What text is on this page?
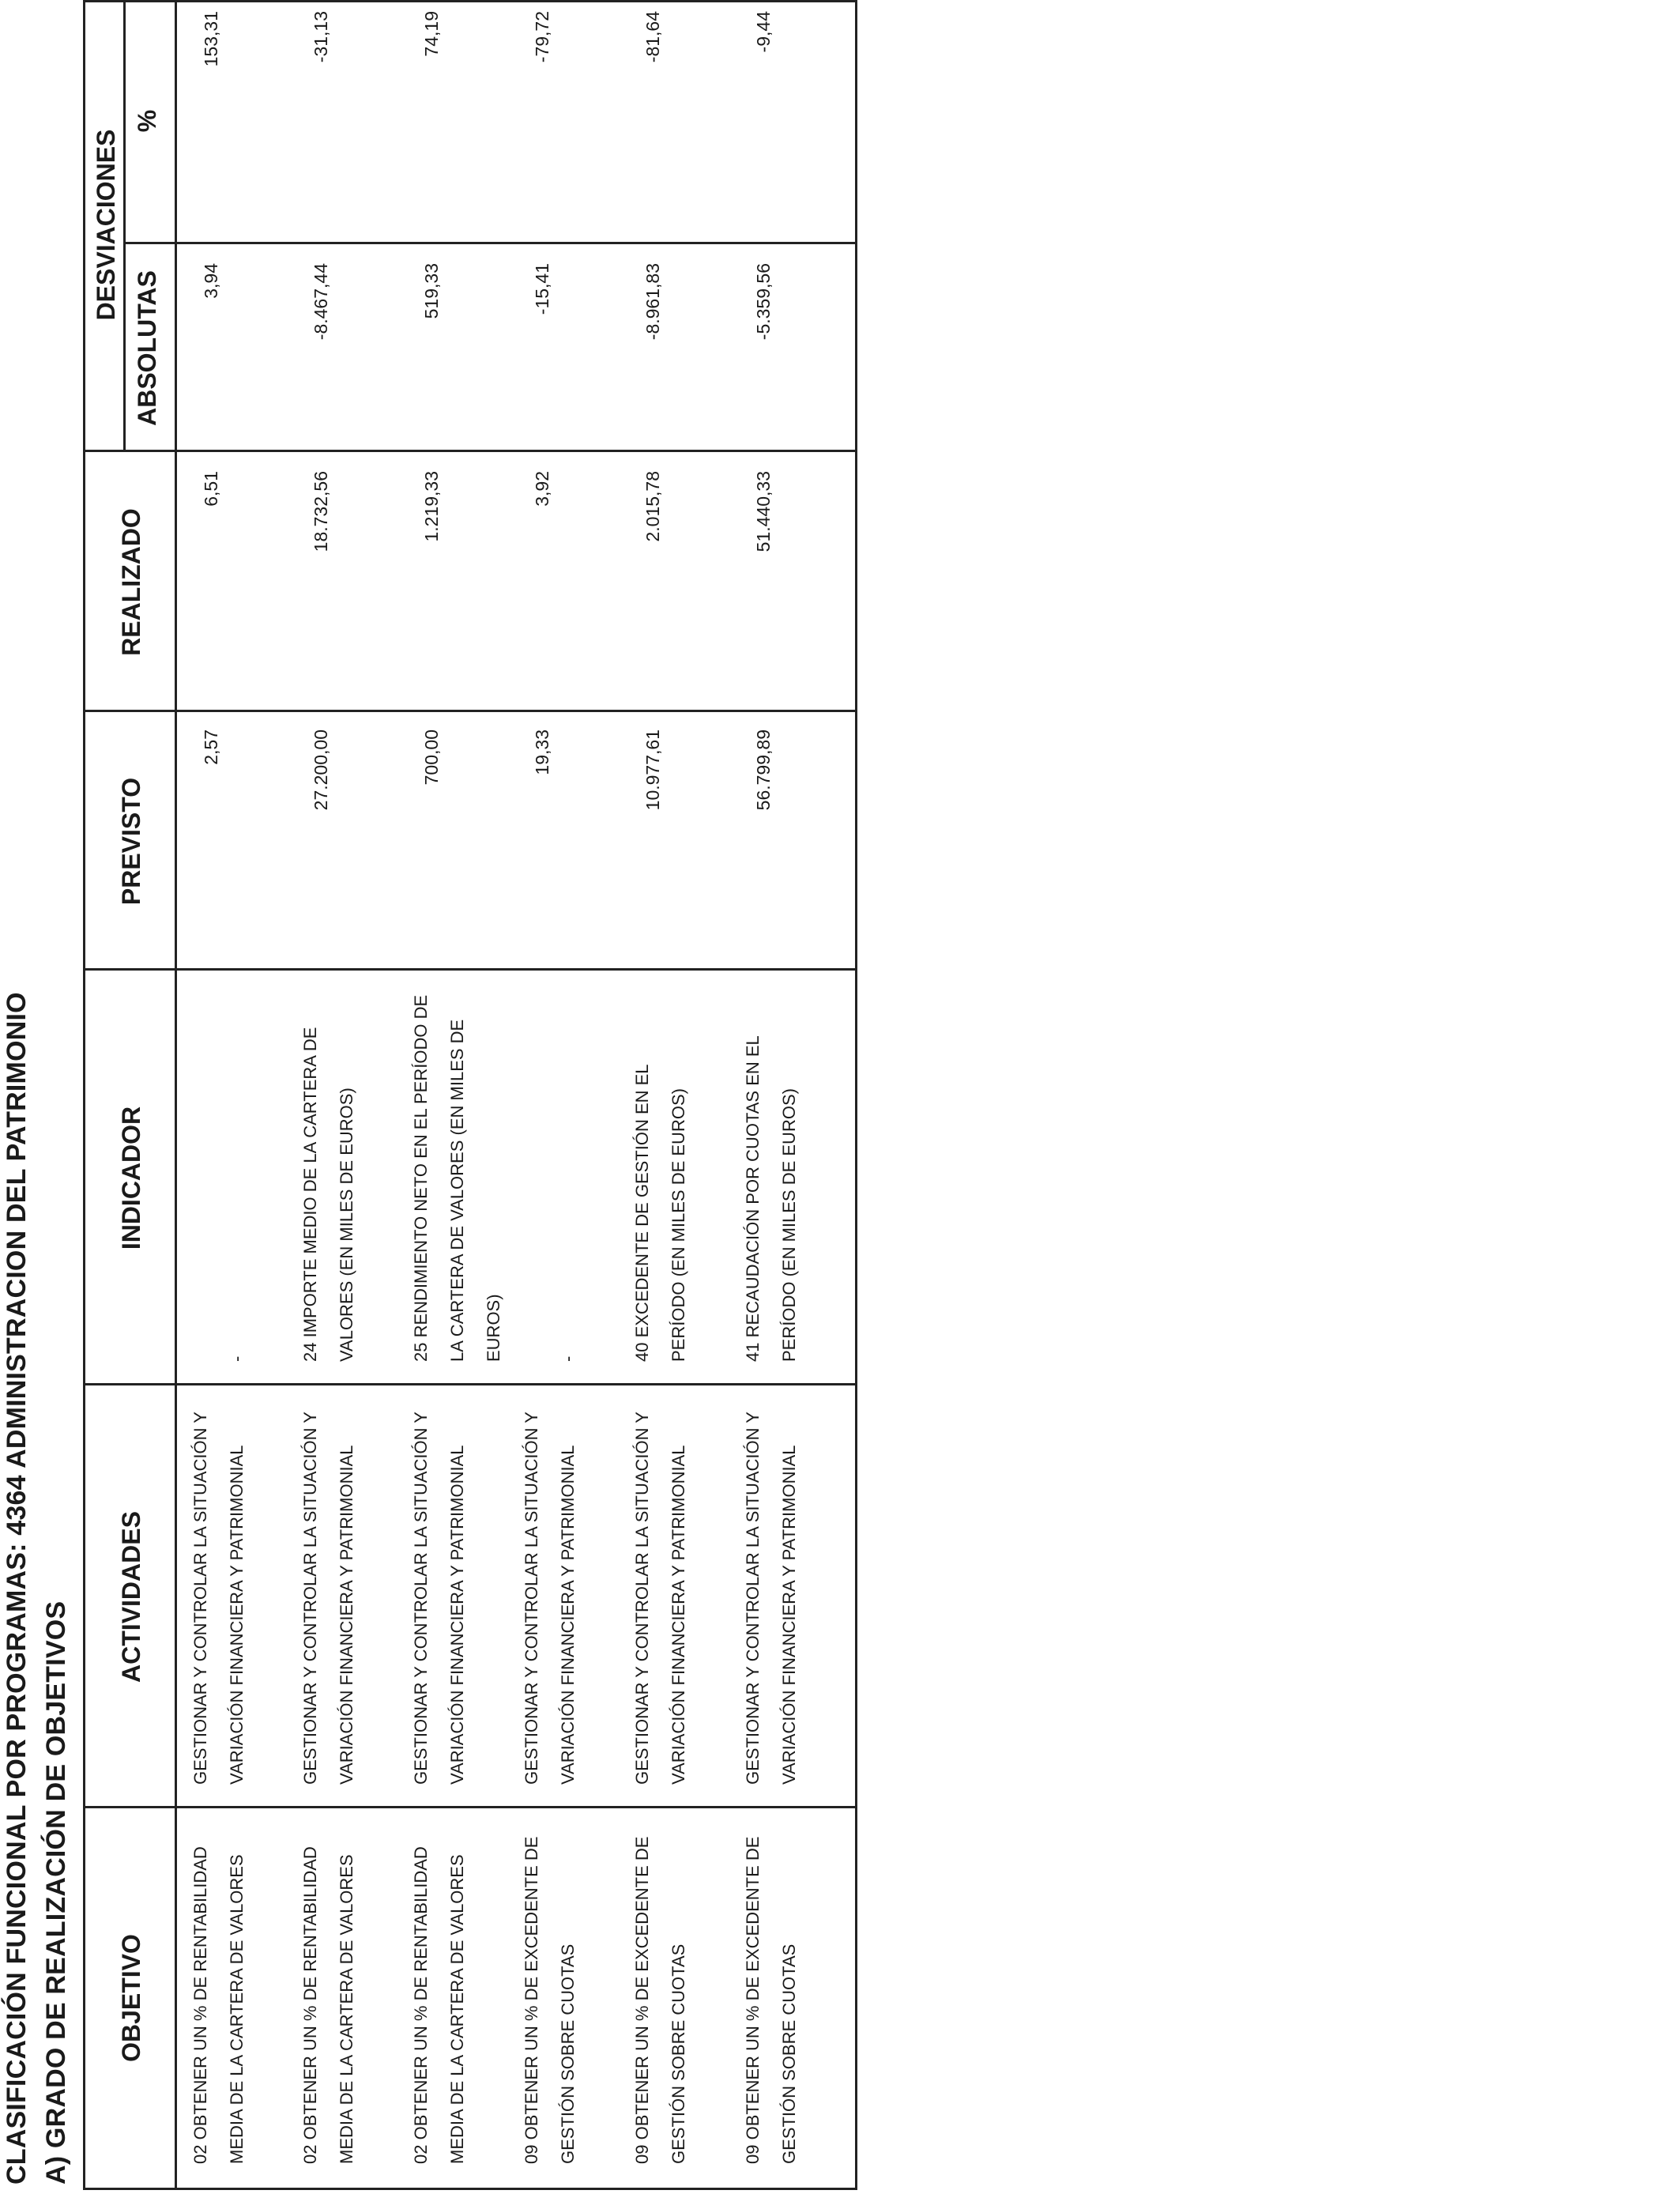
CLASIFICACIÓN FUNCIONAL POR PROGRAMAS: 4364 ADMINISTRACION DEL PATRIMONIO A) GRADO DE REALIZACIÓN DE OBJETIVOS OBJETIVO
ACTIVIDADES
INDICADOR
PREVISTO
REALIZADO
DESVIACIONES
ABSOLUTAS
%
02 OBTENER UN % DE RENTABILIDAD MEDIA DE LA CARTERA DE VALORES
GESTIONAR Y CONTROLAR LA SITUACIÓN Y VARIACIÓN FINANCIERA Y PATRIMONIAL
-
2,57
6,51
3,94
153,31
02 OBTENER UN % DE RENTABILIDAD MEDIA DE LA CARTERA DE VALORES
GESTIONAR Y CONTROLAR LA SITUACIÓN Y VARIACIÓN FINANCIERA Y PATRIMONIAL
24 IMPORTE MEDIO DE LA CARTERA DE VALORES (EN MILES DE EUROS)
27.200,00
18.732,56
-8.467,44
-31,13
02 OBTENER UN % DE RENTABILIDAD MEDIA DE LA CARTERA DE VALORES
GESTIONAR Y CONTROLAR LA SITUACIÓN Y VARIACIÓN FINANCIERA Y PATRIMONIAL
25 RENDIMIENTO NETO EN EL PERÍODO DE LA CARTERA DE VALORES (EN MILES DE EUROS)
700,00
1.219,33
519,33
74,19
09 OBTENER UN % DE EXCEDENTE DE GESTIÓN SOBRE CUOTAS
GESTIONAR Y CONTROLAR LA SITUACIÓN Y VARIACIÓN FINANCIERA Y PATRIMONIAL
-
19,33
3,92
-15,41
-79,72
09 OBTENER UN % DE EXCEDENTE DE GESTIÓN SOBRE CUOTAS
GESTIONAR Y CONTROLAR LA SITUACIÓN Y VARIACIÓN FINANCIERA Y PATRIMONIAL
40 EXCEDENTE DE GESTIÓN EN EL PERÍODO (EN MILES DE EUROS)
10.977,61
2.015,78
-8.961,83
-81,64
09 OBTENER UN % DE EXCEDENTE DE GESTIÓN SOBRE CUOTAS
GESTIONAR Y CONTROLAR LA SITUACIÓN Y VARIACIÓN FINANCIERA Y PATRIMONIAL
41 RECAUDACIÓN POR CUOTAS EN EL PERÍODO (EN MILES DE EUROS)
56.799,89
51.440,33
-5.359,56
-9,44
